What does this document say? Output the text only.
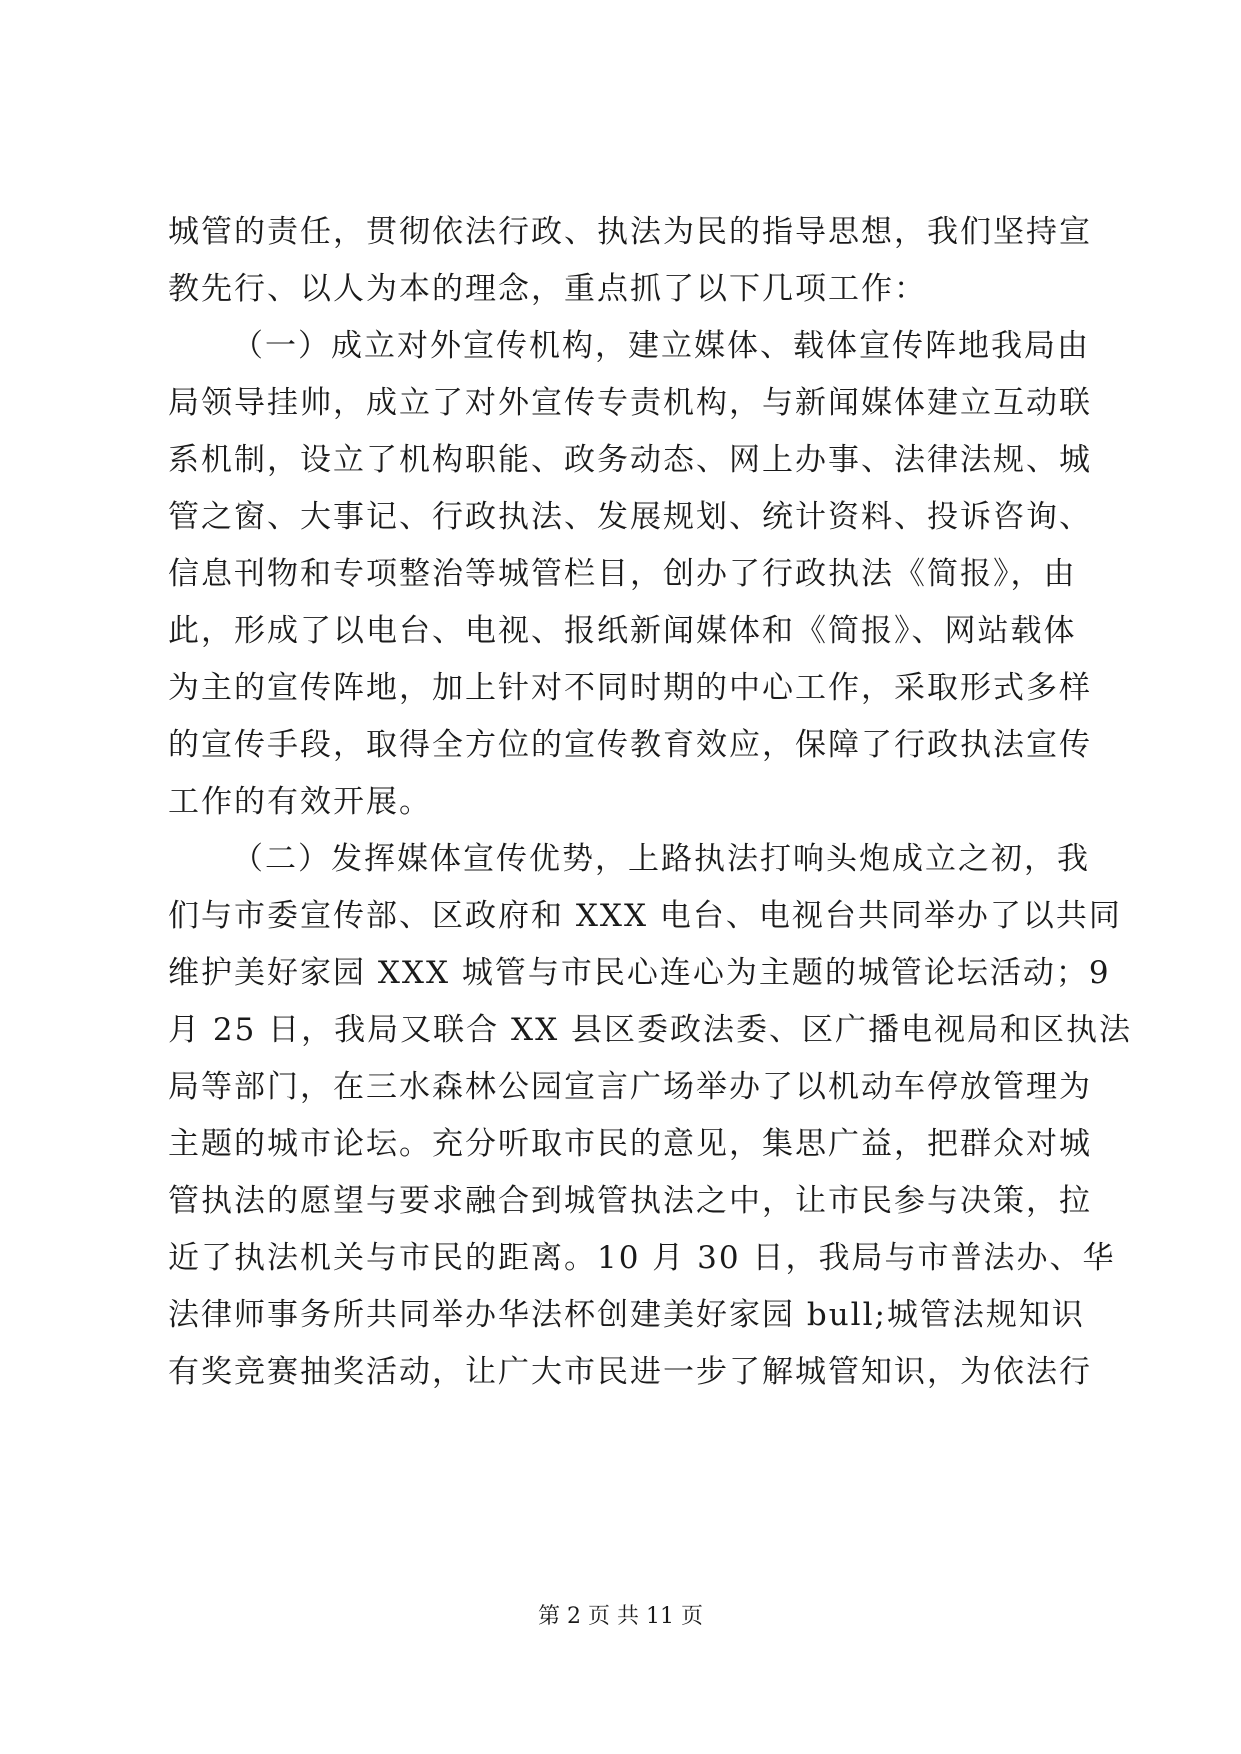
城管的责任，贯彻依法行政、执法为民的指导思想，我们坚持宣
教先行、以人为本的理念，重点抓了以下几项工作：
（一）成立对外宣传机构，建立媒体、载体宣传阵地我局由
局领导挂帅，成立了对外宣传专责机构，与新闻媒体建立互动联
系机制，设立了机构职能、政务动态、网上办事、法律法规、城
管之窗、大事记、行政执法、发展规划、统计资料、投诉咨询、
信息刊物和专项整治等城管栏目，创办了行政执法《简报》，由
此，形成了以电台、电视、报纸新闻媒体和《简报》、网站载体
为主的宣传阵地，加上针对不同时期的中心工作，采取形式多样
的宣传手段，取得全方位的宣传教育效应，保障了行政执法宣传
工作的有效开展。
（二）发挥媒体宣传优势，上路执法打响头炮成立之初，我
们与市委宣传部、区政府和 XXX 电台、电视台共同举办了以共同
维护美好家园 XXX 城管与市民心连心为主题的城管论坛活动；9
月 25 日，我局又联合 XX 县区委政法委、区广播电视局和区执法
局等部门，在三水森林公园宣言广场举办了以机动车停放管理为
主题的城市论坛。充分听取市民的意见，集思广益，把群众对城
管执法的愿望与要求融合到城管执法之中，让市民参与决策，拉
近了执法机关与市民的距离。10 月 30 日，我局与市普法办、华
法律师事务所共同举办华法杯创建美好家园 bull;城管法规知识
有奖竞赛抽奖活动，让广大市民进一步了解城管知识，为依法行
第 2 页 共 11 页
